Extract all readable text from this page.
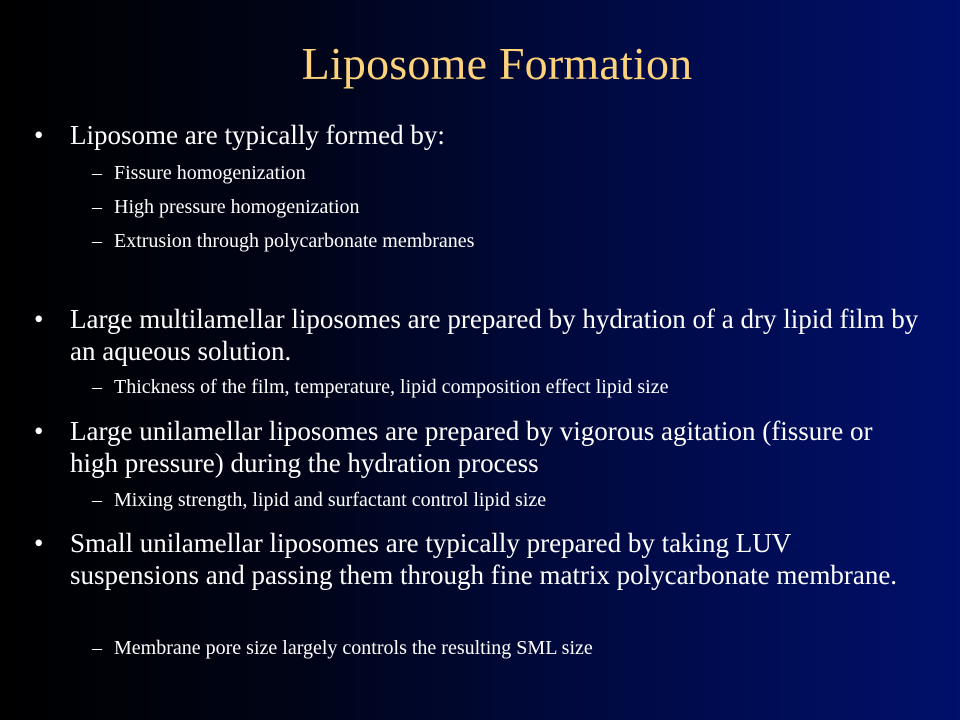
Liposome Formation
• Liposome are typically formed by:
– Fissure homogenization
– High pressure homogenization
– Extrusion through polycarbonate membranes
• Large multilamellar liposomes are prepared by hydration of a dry lipid film by an aqueous solution.
– Thickness of the film, temperature, lipid composition effect lipid size
• Large unilamellar liposomes are prepared by vigorous agitation (fissure or high pressure) during the hydration process
– Mixing strength, lipid and surfactant control lipid size
• Small unilamellar liposomes are typically prepared by taking LUV suspensions and passing them through fine matrix polycarbonate membrane.
– Membrane pore size largely controls the resulting SML size
